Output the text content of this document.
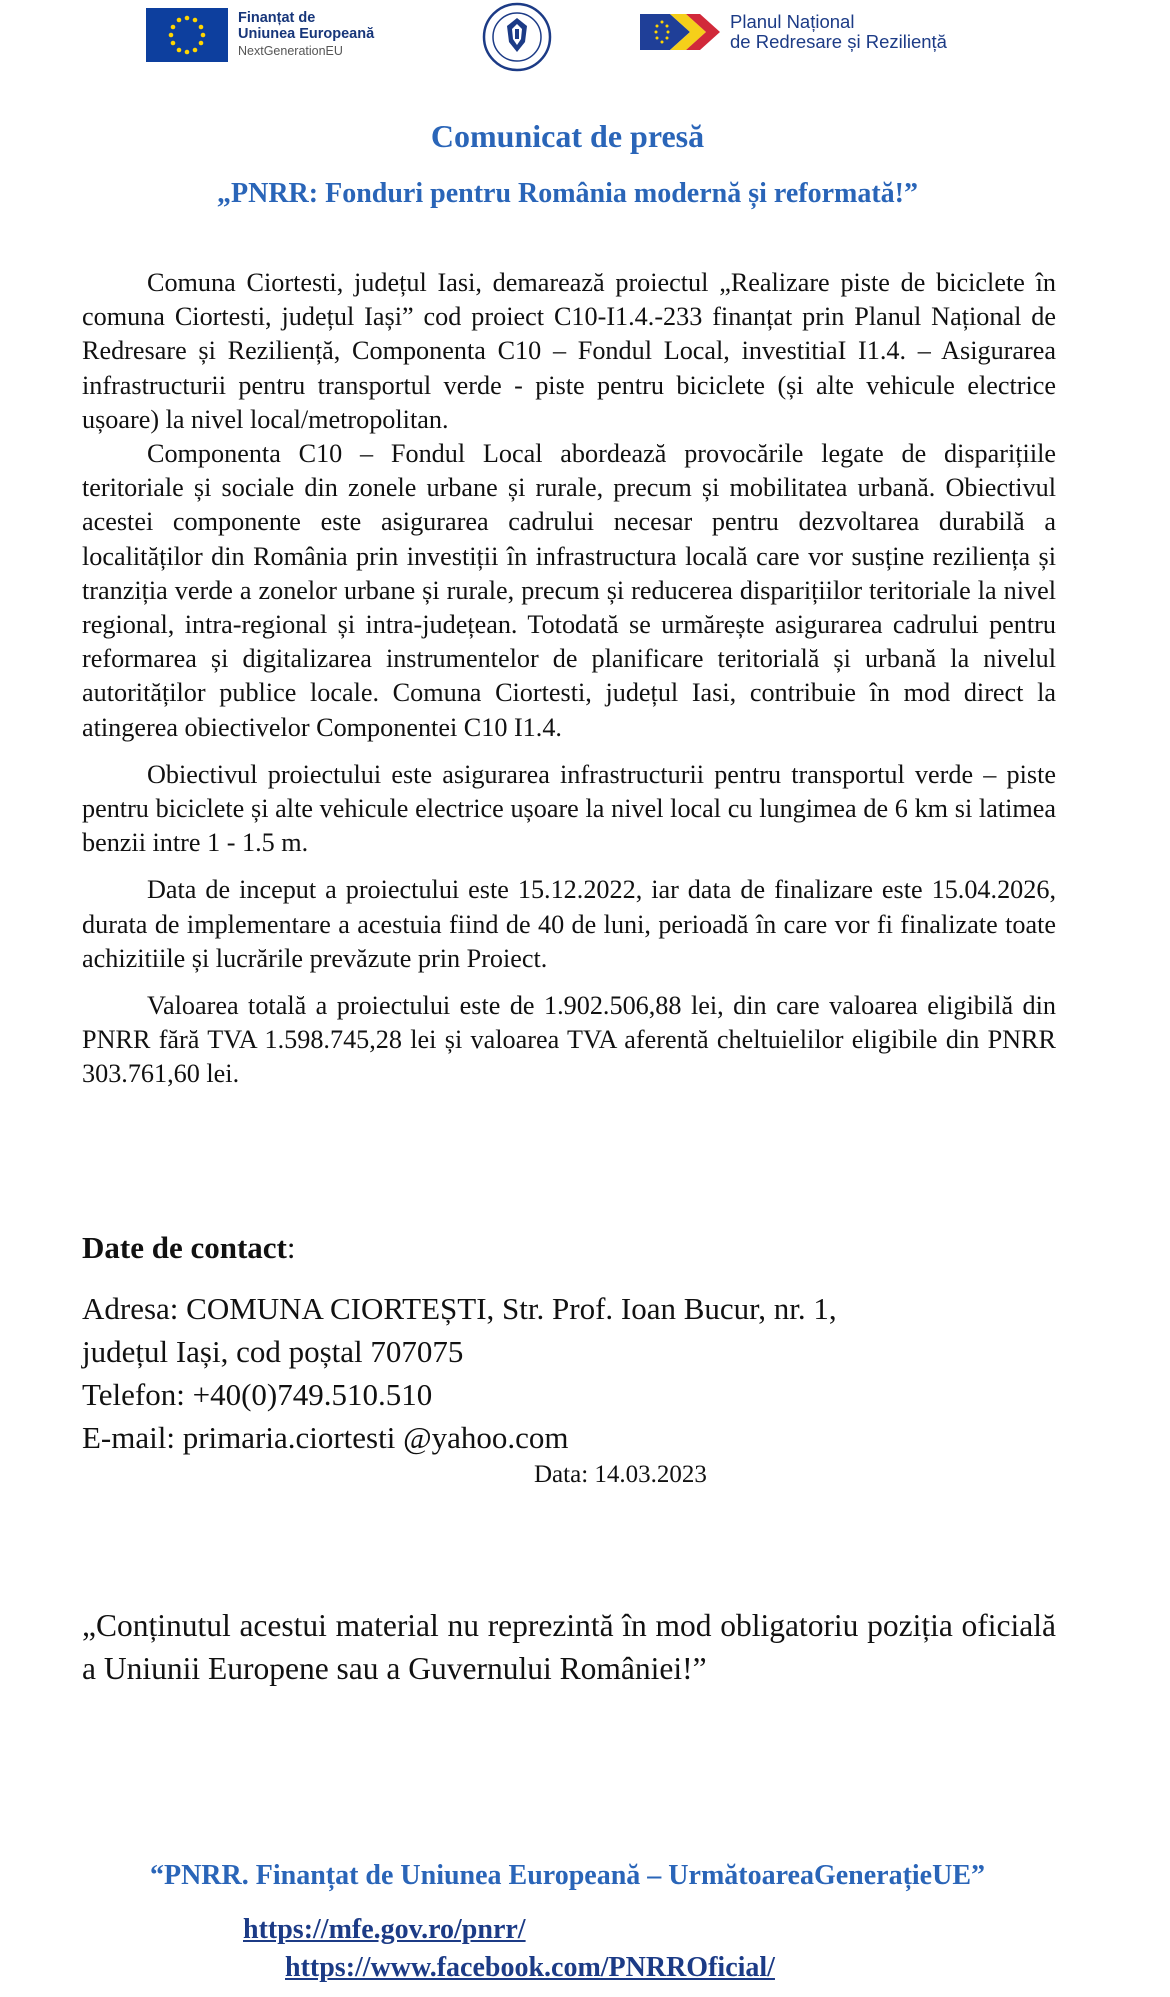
Finanțat de
Uniunea Europeană
NextGenerationEU
Planul Național
de Redresare și Reziliență
Comunicat de presă
„PNRR: Fonduri pentru România modernă și reformată!”

Comuna Ciortesti, județul Iasi, demarează proiectul „Realizare piste de biciclete în comuna Ciortesti, județul Iași” cod proiect C10-I1.4.-233 finanțat prin Planul Național de Redresare și Reziliență, Componenta C10 – Fondul Local, investitiaI I1.4. – Asigurarea infrastructurii pentru transportul verde - piste pentru biciclete (și alte vehicule electrice ușoare) la nivel local/metropolitan.

Componenta C10 – Fondul Local abordează provocările legate de disparițiile teritoriale și sociale din zonele urbane și rurale, precum și mobilitatea urbană. Obiectivul acestei componente este asigurarea cadrului necesar pentru dezvoltarea durabilă a localităților din România prin investiții în infrastructura locală care vor susține reziliența și tranziția verde a zonelor urbane și rurale, precum și reducerea disparițiilor teritoriale la nivel regional, intra-regional și intra-județean. Totodată se urmărește asigurarea cadrului pentru reformarea și digitalizarea instrumentelor de planificare teritorială și urbană la nivelul autorităților publice locale. Comuna Ciortesti, județul Iasi, contribuie în mod direct la atingerea obiectivelor Componentei C10 I1.4.

Obiectivul proiectului este asigurarea infrastructurii pentru transportul verde – piste pentru biciclete și alte vehicule electrice ușoare la nivel local cu lungimea de 6 km si latimea benzii intre 1 - 1.5 m.

Data de inceput a proiectului este 15.12.2022, iar data de finalizare este 15.04.2026, durata de implementare a acestuia fiind de 40 de luni, perioadă în care vor fi finalizate toate achizitiile și lucrările prevăzute prin Proiect.

Valoarea totală a proiectului este de 1.902.506,88 lei, din care valoarea eligibilă din PNRR fără TVA 1.598.745,28 lei și valoarea TVA aferentă cheltuielilor eligibile din PNRR 303.761,60 lei.

Date de contact:
Adresa: COMUNA CIORTEȘTI, Str. Prof. Ioan Bucur, nr. 1,
județul Iași, cod poștal 707075
Telefon: +40(0)749.510.510
E-mail: primaria.ciortesti @yahoo.com
Data: 14.03.2023
„Conținutul acestui material nu reprezintă în mod obligatoriu poziția oficială a Uniunii Europene sau a Guvernului României!”
“PNRR. Finanțat de Uniunea Europeană – UrmătoareaGenerațieUE”
https://mfe.gov.ro/pnrr/
https://www.facebook.com/PNRROficial/
